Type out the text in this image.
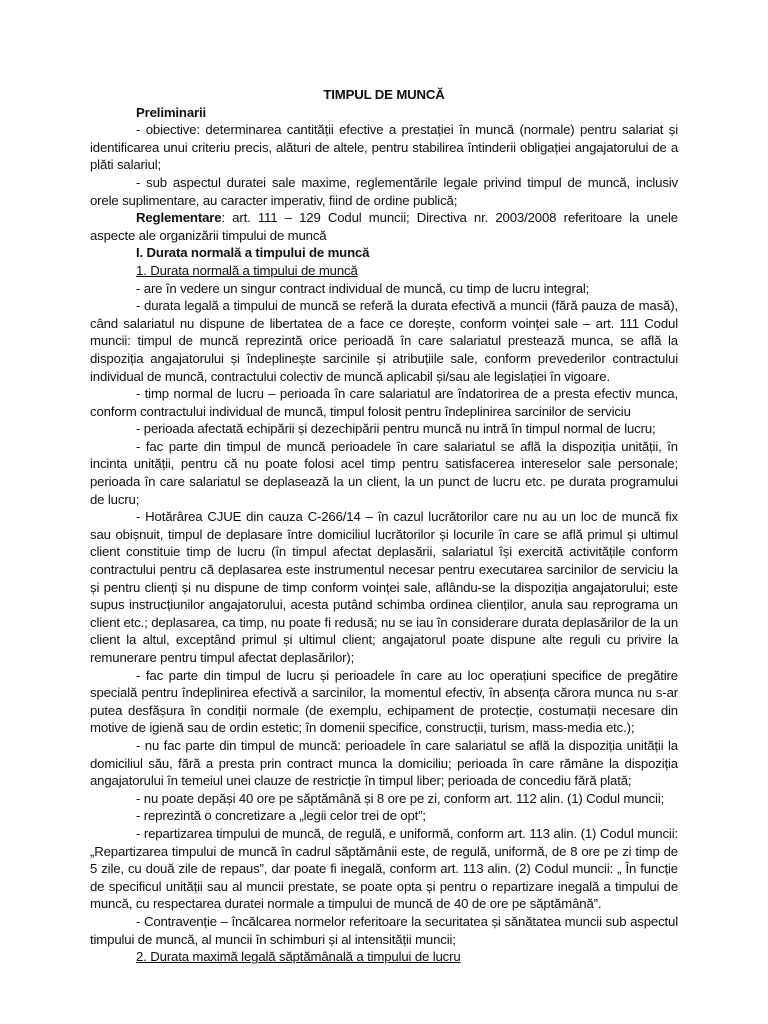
TIMPUL DE MUNCĂ
Preliminarii

- obiective: determinarea cantității efective a prestației în muncă (normale) pentru salariat și identificarea unui criteriu precis, alături de altele, pentru stabilirea întinderii obligației angajatorului de a plăti salariul;

- sub aspectul duratei sale maxime, reglementările legale privind timpul de muncă, inclusiv orele suplimentare, au caracter imperativ, fiind de ordine publică;

Reglementare: art. 111 – 129 Codul muncii; Directiva nr. 2003/2008 referitoare la unele aspecte ale organizării timpului de muncă

I. Durata normală a timpului de muncă
1. Durata normală a timpului de muncă

- are în vedere un singur contract individual de muncă, cu timp de lucru integral;

- durata legală a timpului de muncă se referă la durata efectivă a muncii (fără pauza de masă), când salariatul nu dispune de libertatea de a face ce dorește, conform voinței sale – art. 111 Codul muncii: timpul de muncă reprezintă orice perioadă în care salariatul prestează munca, se află la dispoziția angajatorului și îndeplinește sarcinile și atribuțiile sale, conform prevederilor contractului individual de muncă, contractului colectiv de muncă aplicabil și/sau ale legislației în vigoare.

- timp normal de lucru – perioada în care salariatul are îndatorirea de a presta efectiv munca, conform contractului individual de muncă, timpul folosit pentru îndeplinirea sarcinilor de serviciu

- perioada afectată echipării și dezechipării pentru muncă nu intră în timpul normal de lucru;

- fac parte din timpul de muncă perioadele în care salariatul se află la dispoziția unității, în incinta unității, pentru că nu poate folosi acel timp pentru satisfacerea intereselor sale personale; perioada în care salariatul se deplasează la un client, la un punct de lucru etc. pe durata programului de lucru;

- Hotărârea CJUE din cauza C-266/14 – în cazul lucrătorilor care nu au un loc de muncă fix sau obișnuit, timpul de deplasare între domiciliul lucrătorilor și locurile în care se află primul și ultimul client constituie timp de lucru (în timpul afectat deplasării, salariatul își exercită activitățile conform contractului pentru că deplasarea este instrumentul necesar pentru executarea sarcinilor de serviciu la și pentru clienți și nu dispune de timp conform voinței sale, aflându-se la dispoziția angajatorului; este supus instrucțiunilor angajatorului, acesta putând schimba ordinea clienților, anula sau reprograma un client etc.; deplasarea, ca timp, nu poate fi redusă; nu se iau în considerare durata deplasărilor de la un client la altul, exceptând primul și ultimul client; angajatorul poate dispune alte reguli cu privire la remunerare pentru timpul afectat deplasărilor);

- fac parte din timpul de lucru și perioadele în care au loc operațiuni specifice de pregătire specială pentru îndeplinirea efectivă a sarcinilor, la momentul efectiv, în absența cărora munca nu s-ar putea desfășura în condiții normale (de exemplu, echipament de protecție, costumații necesare din motive de igienă sau de ordin estetic; în domenii specifice, construcții, turism, mass-media etc.);

- nu fac parte din timpul de muncă: perioadele în care salariatul se află la dispoziția unității la domiciliul său, fără a presta prin contract munca la domiciliu; perioada în care rămâne la dispoziția angajatorului în temeiul unei clauze de restricție în timpul liber; perioada de concediu fără plată;

- nu poate depăși 40 ore pe săptămână și 8 ore pe zi, conform art. 112 alin. (1) Codul muncii;

- reprezintă o concretizare a „legii celor trei de opt”;

- repartizarea timpului de muncă, de regulă, e uniformă, conform art. 113 alin. (1) Codul muncii: „Repartizarea timpului de muncă în cadrul săptămânii este, de regulă, uniformă, de 8 ore pe zi timp de 5 zile, cu două zile de repaus”, dar poate fi inegală, conform art. 113 alin. (2) Codul muncii: „ În funcție de specificul unității sau al muncii prestate, se poate opta și pentru o repartizare inegală a timpului de muncă, cu respectarea duratei normale a timpului de muncă de 40 de ore pe săptămână”.

- Contravenție – încălcarea normelor referitoare la securitatea și sănătatea muncii sub aspectul timpului de muncă, al muncii în schimburi și al intensității muncii;

2. Durata maximă legală săptămânală a timpului de lucru
